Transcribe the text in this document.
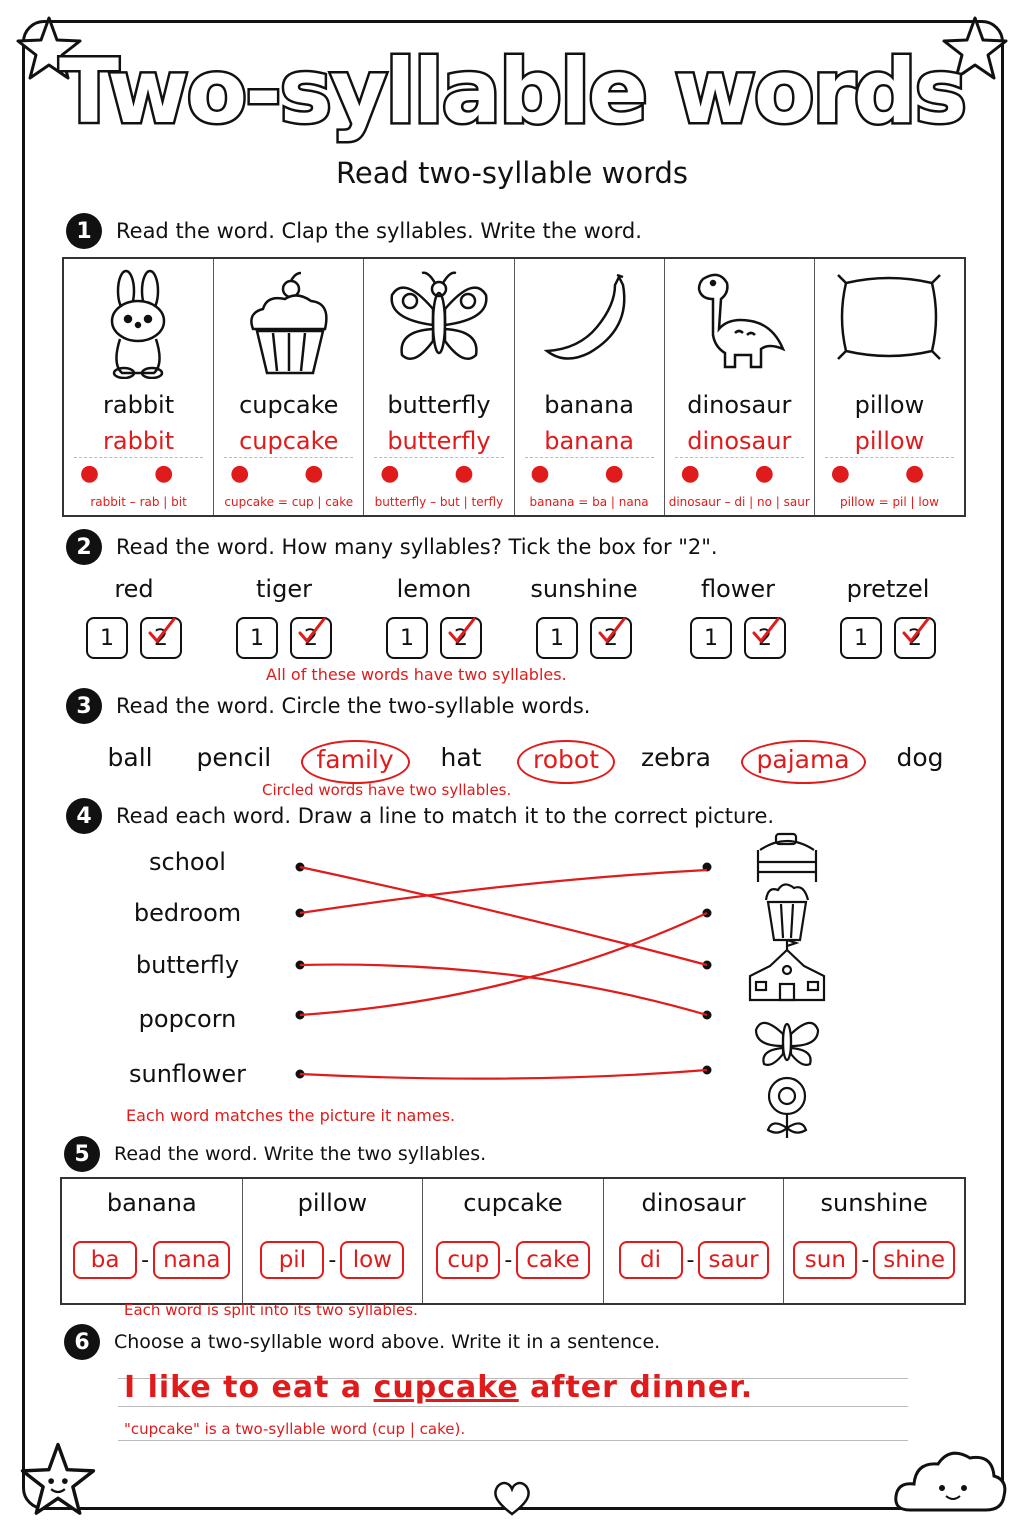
Two-syllable words
Read two-syllable words
1	Read the word. Clap the syllables. Write the word.
rabbit
rabbit
● ●
rabbit – rab | bit
cupcake
cupcake
● ●
cupcake = cup | cake
butterfly
butterfly
● ●
butterfly – but | terfly
banana
banana
● ●
banana = ba | nana
dinosaur
dinosaur
● ●
dinosaur – di | no | saur
pillow
pillow
● ●
pillow = pil | low
2	Read the word. How many syllables? Tick the box for "2".
red
1 2
tiger
1 2
lemon
1 2
sunshine
1 2
flower
1 2
pretzel
1 2
All of these words have two syllables.
3	Read the word. Circle the two-syllable words.
ball pencil	family	hat	robot	zebra	pajama	dog
Circled words have two syllables.
4	Read each word. Draw a line to match it to the correct picture.
school
bedroom
butterfly
popcorn
sunflower
Each word matches the picture it names.
5	Read the word. Write the two syllables.
banana
ba - nana
pillow
pil	- low
cupcake
cup - cake
dinosaur
di	- saur
sunshine
sun - shine
Each word is split into its two syllables.
6	Choose a two-syllable word above. Write it in a sentence.
I like to eat a cupcake after dinner.
"cupcake" is a two-syllable word (cup | cake).
